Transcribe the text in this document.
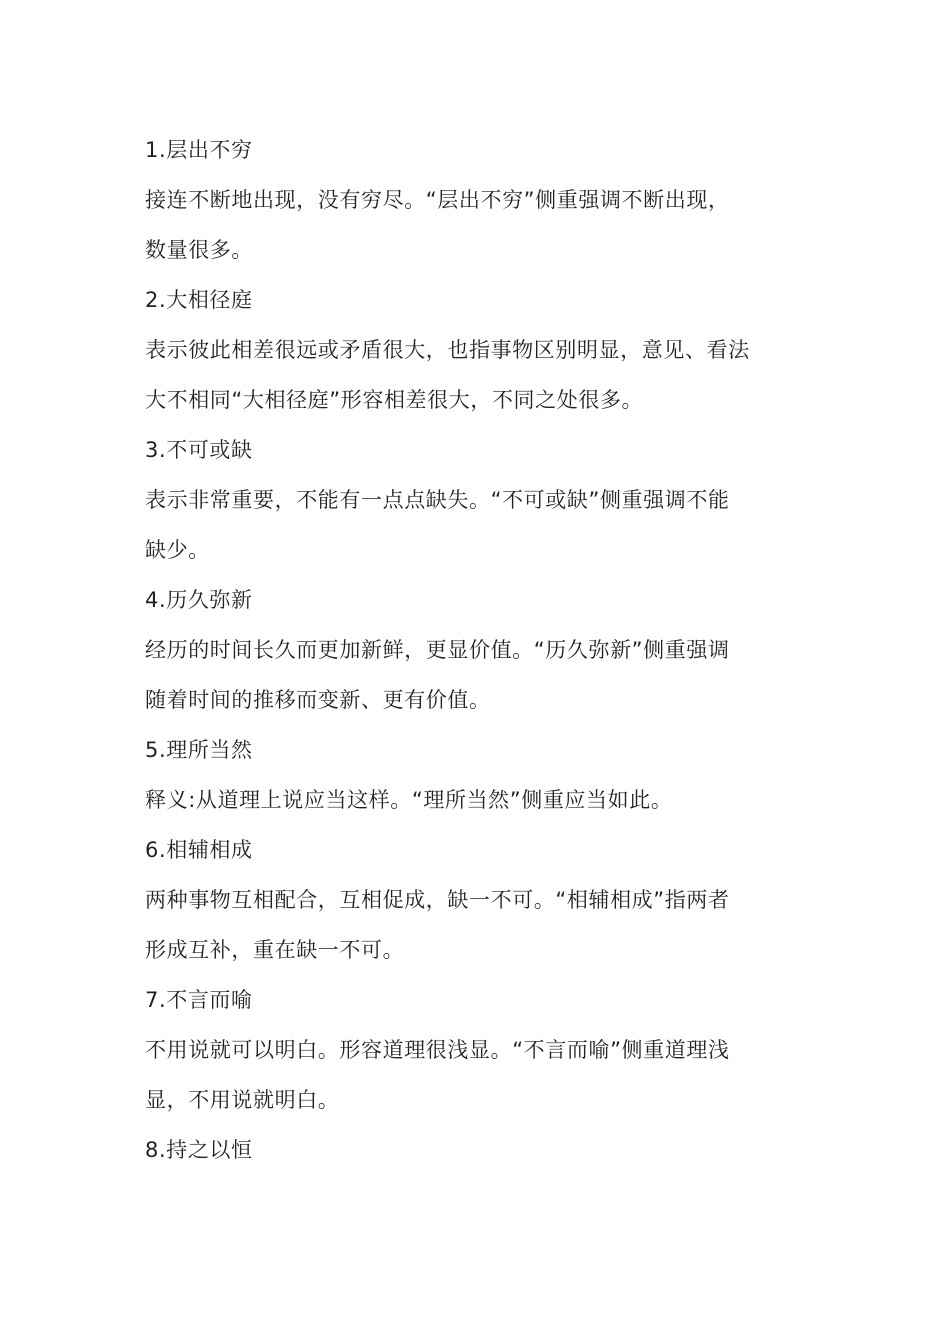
1.层出不穷
接连不断地出现，没有穷尽。“层出不穷”侧重强调不断出现，
数量很多。
2.大相径庭
表示彼此相差很远或矛盾很大，也指事物区别明显，意见、看法
大不相同“大相径庭”形容相差很大，不同之处很多。
3.不可或缺
表示非常重要，不能有一点点缺失。“不可或缺”侧重强调不能
缺少。
4.历久弥新
经历的时间长久而更加新鲜，更显价值。“历久弥新”侧重强调
随着时间的推移而变新、更有价值。
5.理所当然
释义:从道理上说应当这样。“理所当然”侧重应当如此。
6.相辅相成
两种事物互相配合，互相促成，缺一不可。“相辅相成”指两者
形成互补，重在缺一不可。
7.不言而喻
不用说就可以明白。形容道理很浅显。“不言而喻”侧重道理浅
显，不用说就明白。
8.持之以恒
